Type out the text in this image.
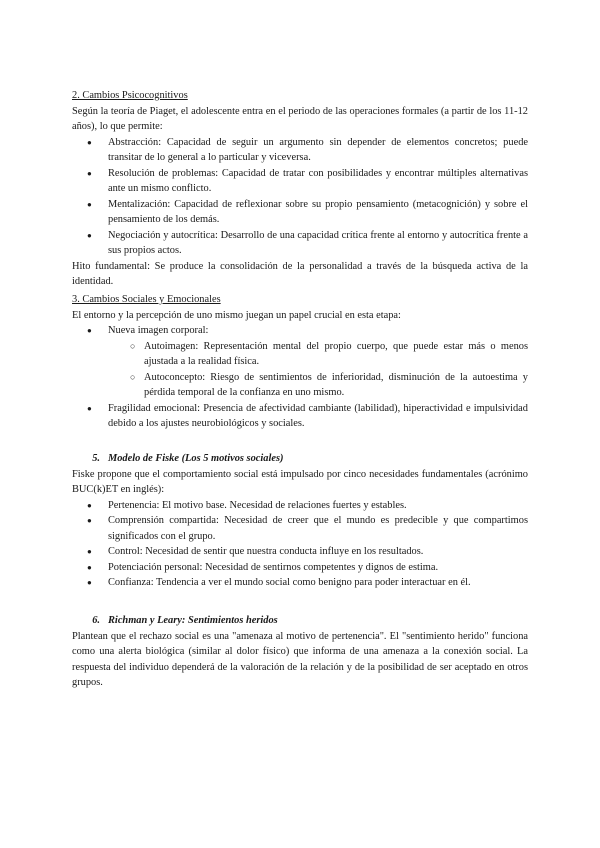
2. Cambios Psicocognitivos
Según la teoría de Piaget, el adolescente entra en el periodo de las operaciones formales (a partir de los 11-12 años), lo que permite:
● Abstracción: Capacidad de seguir un argumento sin depender de elementos concretos; puede transitar de lo general a lo particular y viceversa.
● Resolución de problemas: Capacidad de tratar con posibilidades y encontrar múltiples alternativas ante un mismo conflicto.
● Mentalización: Capacidad de reflexionar sobre su propio pensamiento (metacognición) y sobre el pensamiento de los demás.
● Negociación y autocrítica: Desarrollo de una capacidad crítica frente al entorno y autocrítica frente a sus propios actos.
Hito fundamental: Se produce la consolidación de la personalidad a través de la búsqueda activa de la identidad.
3. Cambios Sociales y Emocionales
El entorno y la percepción de uno mismo juegan un papel crucial en esta etapa:
● Nueva imagen corporal:
○ Autoimagen: Representación mental del propio cuerpo, que puede estar más o menos ajustada a la realidad física.
○ Autoconcepto: Riesgo de sentimientos de inferioridad, disminución de la autoestima y pérdida temporal de la confianza en uno mismo.
● Fragilidad emocional: Presencia de afectividad cambiante (labilidad), hiperactividad e impulsividad debido a los ajustes neurobiológicos y sociales.
5. Modelo de Fiske (Los 5 motivos sociales)
Fiske propone que el comportamiento social está impulsado por cinco necesidades fundamentales (acrónimo BUC(k)ET en inglés):
● Pertenencia: El motivo base. Necesidad de relaciones fuertes y estables.
● Comprensión compartida: Necesidad de creer que el mundo es predecible y que compartimos significados con el grupo.
● Control: Necesidad de sentir que nuestra conducta influye en los resultados.
● Potenciación personal: Necesidad de sentirnos competentes y dignos de estima.
● Confianza: Tendencia a ver el mundo social como benigno para poder interactuar en él.
6. Richman y Leary: Sentimientos heridos
Plantean que el rechazo social es una "amenaza al motivo de pertenencia". El "sentimiento herido" funciona como una alerta biológica (similar al dolor físico) que informa de una amenaza a la conexión social. La respuesta del individuo dependerá de la valoración de la relación y de la posibilidad de ser aceptado en otros grupos.
